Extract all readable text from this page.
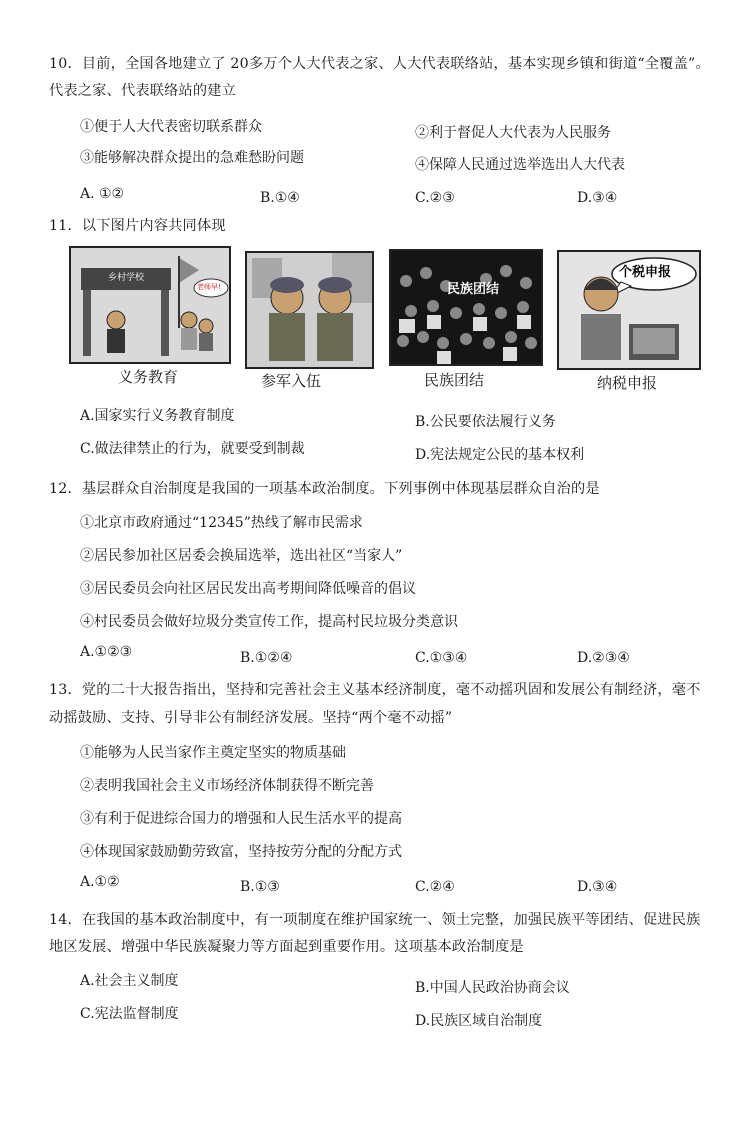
10．目前，全国各地建立了 20多万个人大代表之家、人大代表联络站，基本实现乡镇和街道“全覆盖”。
代表之家、代表联络站的建立
①便于人大代表密切联系群众	②利于督促人大代表为人民服务
③能够解决群众提出的急难愁盼问题	④保障人民通过选举选出人大代表
A. ①②	B.①④	C.②③	D.③④
11．以下图片内容共同体现
乡村学校
老师早!	民族团结
个税申报
义务教育	参军入伍	民族团结	纳税申报
A.国家实行义务教育制度	B.公民要依法履行义务
C.做法律禁止的行为，就要受到制裁	D.宪法规定公民的基本权利
12．基层群众自治制度是我国的一项基本政治制度。下列事例中体现基层群众自治的是
①北京市政府通过“12345”热线了解市民需求
②居民参加社区居委会换届选举，选出社区“当家人”
③居民委员会向社区居民发出高考期间降低噪音的倡议
④村民委员会做好垃圾分类宣传工作，提高村民垃圾分类意识
A.①②③	B.①②④	C.①③④	D.②③④
13．党的二十大报告指出，坚持和完善社会主义基本经济制度，毫不动摇巩固和发展公有制经济，毫不
动摇鼓励、支持、引导非公有制经济发展。坚持“两个毫不动摇”
①能够为人民当家作主奠定坚实的物质基础
②表明我国社会主义市场经济体制获得不断完善
③有利于促进综合国力的增强和人民生活水平的提高
④体现国家鼓励勤劳致富，坚持按劳分配的分配方式
A.①②	B.①③	C.②④	D.③④
14．在我国的基本政治制度中，有一项制度在维护国家统一、领土完整，加强民族平等团结、促进民族
地区发展、增强中华民族凝聚力等方面起到重要作用。这项基本政治制度是
A.社会主义制度	B.中国人民政治协商会议
C.宪法监督制度	D.民族区域自治制度
